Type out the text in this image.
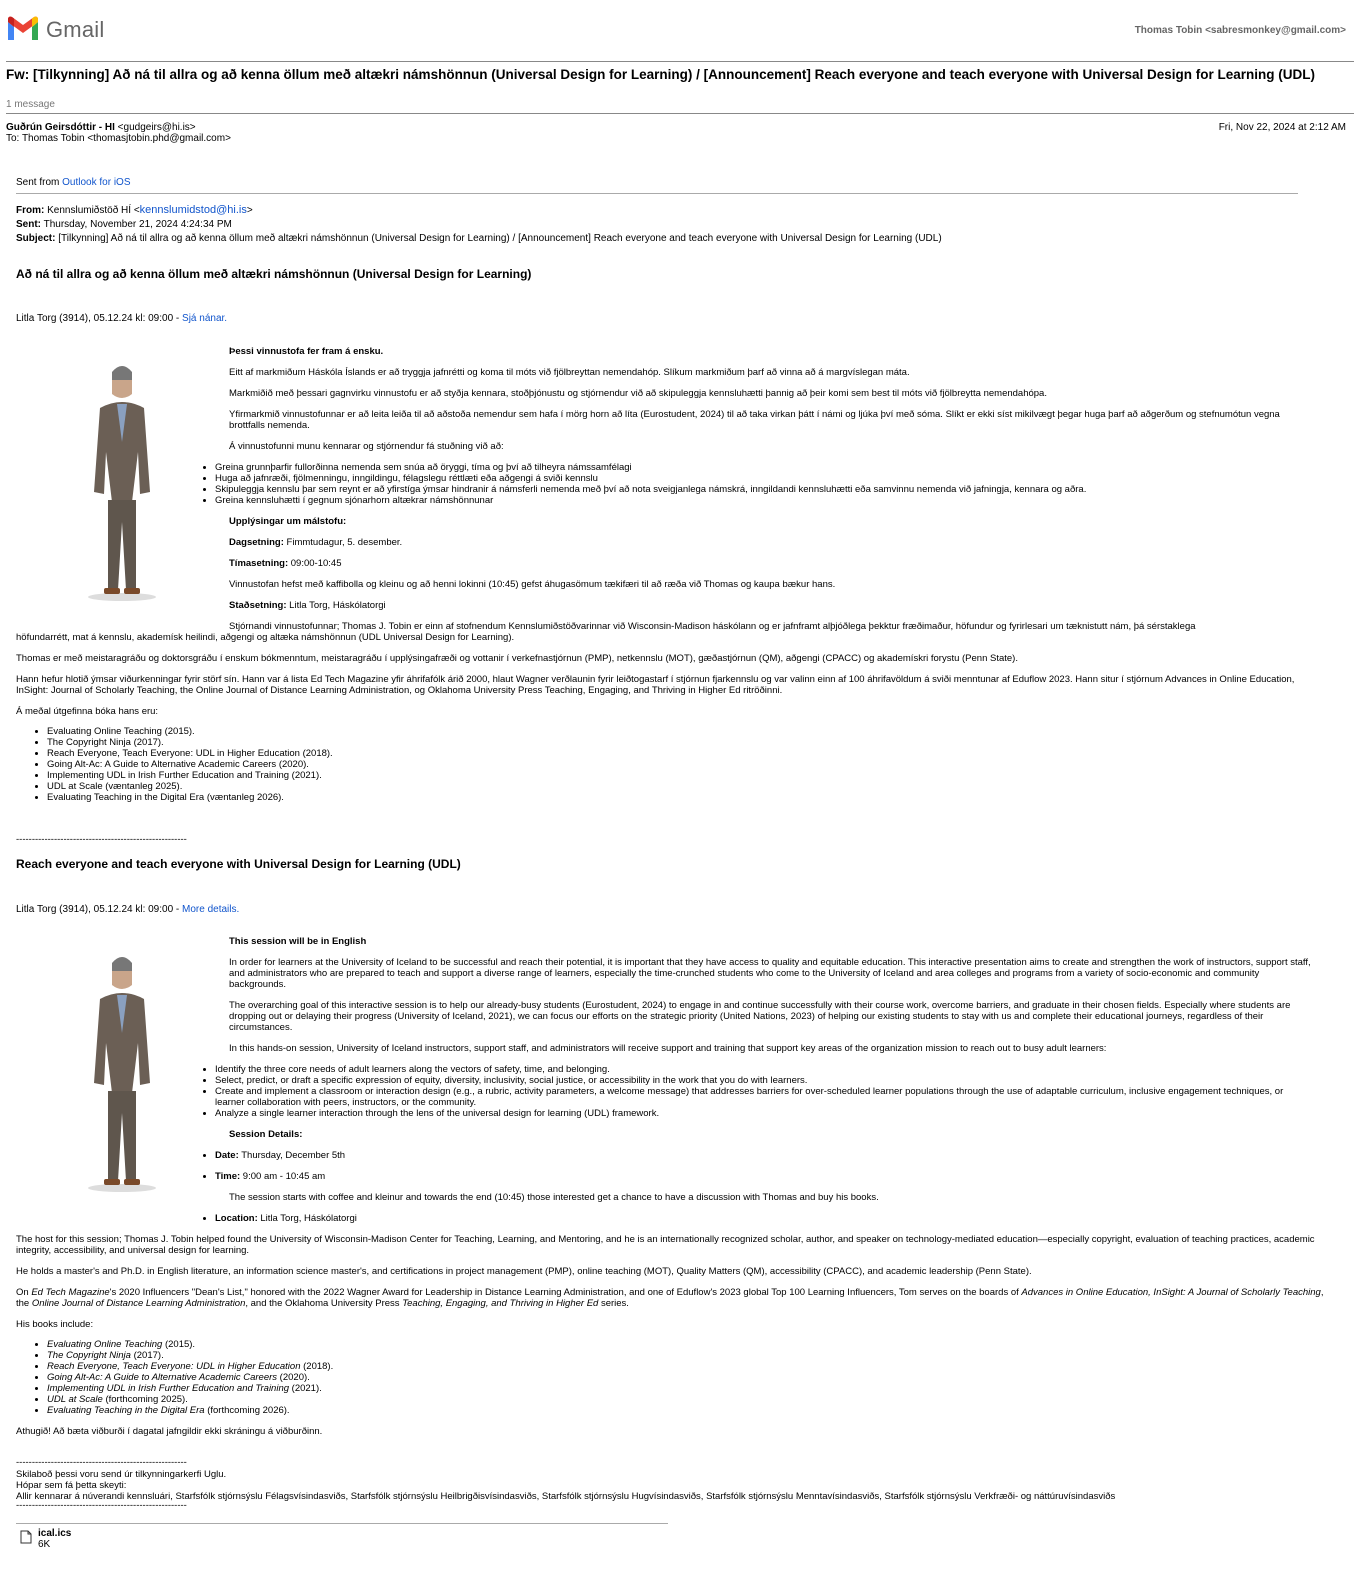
Gmail	Thomas Tobin <sabresmonkey@gmail.com>
Fw: [Tilkynning] Að ná til allra og að kenna öllum með altækri námshönnun (Universal Design for Learning) / [Announcement] Reach everyone and teach everyone with Universal Design for Learning (UDL)
1 message
Guðrún Geirsdóttir - HI <gudgeirs@hi.is>
To: Thomas Tobin <thomasjtobin.phd@gmail.com>
Fri, Nov 22, 2024 at 2:12 AM
Sent from Outlook for iOS
From: Kennslumiðstöð HÍ <kennslumidstod@hi.is>
Sent: Thursday, November 21, 2024 4:24:34 PM
Subject: [Tilkynning] Að ná til allra og að kenna öllum með altækri námshönnun (Universal Design for Learning) / [Announcement] Reach everyone and teach everyone with Universal Design for Learning (UDL)
Að ná til allra og að kenna öllum með altækri námshönnun (Universal Design for Learning)
Litla Torg (3914), 05.12.24 kl: 09:00 - Sjá nánar.

Þessi vinnustofa fer fram á ensku.

Eitt af markmiðum Háskóla Íslands er að tryggja jafnrétti og koma til móts við fjölbreyttan nemendahóp. Slíkum markmiðum þarf að vinna að á margvíslegan máta.

Markmiðið með þessari gagnvirku vinnustofu er að styðja kennara, stoðþjónustu og stjórnendur við að skipuleggja kennsluhætti þannig að þeir komi sem best til móts við fjölbreytta nemendahópa.

Yfirmarkmið vinnustofunnar er að leita leiða til að aðstoða nemendur sem hafa í mörg horn að líta (Eurostudent, 2024) til að taka virkan þátt í námi og ljúka því með sóma. Slíkt er ekki síst mikilvægt þegar huga þarf að aðgerðum og stefnumótun vegna brottfalls nemenda.

Á vinnustofunni munu kennarar og stjórnendur fá stuðning við að:

• Greina grunnþarfir fullorðinna nemenda sem snúa að öryggi, tíma og því að tilheyra námssamfélagi
• Huga að jafnræði, fjölmenningu, inngildingu, félagslegu réttlæti eða aðgengi á sviði kennslu
• Skipuleggja kennslu þar sem reynt er að yfirstíga ýmsar hindranir á námsferli nemenda með því að nota sveigjanlega námskrá, inngildandi kennsluhætti eða samvinnu nemenda við jafningja, kennara og aðra.
• Greina kennsluhætti í gegnum sjónarhorn altækrar námshönnunar

Upplýsingar um málstofu:

Dagsetning: Fimmtudagur, 5. desember.

Tímasetning: 09:00-10:45

Vinnustofan hefst með kaffibolla og kleinu og að henni lokinni (10:45) gefst áhugasömum tækifæri til að ræða við Thomas og kaupa bækur hans.

Staðsetning: Litla Torg, Háskólatorgi

Stjórnandi vinnustofunnar; Thomas J. Tobin er einn af stofnendum Kennslumiðstöðvarinnar við Wisconsin-Madison háskólann og er jafnframt alþjóðlega þekktur fræðimaður, höfundur og fyrirlesari um tæknistutt nám, þá sérstaklega

höfundarrétt, mat á kennslu, akademísk heilindi, aðgengi og altæka námshönnun (UDL Universal Design for Learning).

Thomas er með meistaragráðu og doktorsgráðu í enskum bókmenntum, meistaragráðu í upplýsingafræði og vottanir í verkefnastjórnun (PMP), netkennslu (MOT), gæðastjórnun (QM), aðgengi (CPACC) og akademískri forystu (Penn State).

Hann hefur hlotið ýmsar viðurkenningar fyrir störf sín. Hann var á lista Ed Tech Magazine yfir áhrifafólk árið 2000, hlaut Wagner verðlaunin fyrir leiðtogastarf í stjórnun fjarkennslu og var valinn einn af 100 áhrifavöldum á sviði menntunar af Eduflow 2023. Hann situr í stjórnum Advances in Online Education, InSight: Journal of Scholarly Teaching, the Online Journal of Distance Learning Administration, og Oklahoma University Press Teaching, Engaging, and Thriving in Higher Ed ritröðinni.

Á meðal útgefinna bóka hans eru:

• Evaluating Online Teaching (2015).
• The Copyright Ninja (2017).
• Reach Everyone, Teach Everyone: UDL in Higher Education (2018).
• Going Alt-Ac: A Guide to Alternative Academic Careers (2020).
• Implementing UDL in Irish Further Education and Training (2021).
• UDL at Scale (væntanleg 2025).
• Evaluating Teaching in the Digital Era (væntanleg 2026).
------------------------------------------------------
Reach everyone and teach everyone with Universal Design for Learning (UDL)
Litla Torg (3914), 05.12.24 kl: 09:00 - More details.

This session will be in English

In order for learners at the University of Iceland to be successful and reach their potential, it is important that they have access to quality and equitable education. This interactive presentation aims to create and strengthen the work of instructors, support staff, and administrators who are prepared to teach and support a diverse range of learners, especially the time-crunched students who come to the University of Iceland and area colleges and programs from a variety of socio-economic and community backgrounds.

The overarching goal of this interactive session is to help our already-busy students (Eurostudent, 2024) to engage in and continue successfully with their course work, overcome barriers, and graduate in their chosen fields. Especially where students are dropping out or delaying their progress (University of Iceland, 2021), we can focus our efforts on the strategic priority (United Nations, 2023) of helping our existing students to stay with us and complete their educational journeys, regardless of their circumstances.

In this hands-on session, University of Iceland instructors, support staff, and administrators will receive support and training that support key areas of the organization mission to reach out to busy adult learners:

• Identify the three core needs of adult learners along the vectors of safety, time, and belonging.
• Select, predict, or draft a specific expression of equity, diversity, inclusivity, social justice, or accessibility in the work that you do with learners.
• Create and implement a classroom or interaction design (e.g., a rubric, activity parameters, a welcome message) that addresses barriers for over-scheduled learner populations through the use of adaptable curriculum, inclusive engagement techniques, or learner collaboration with peers, instructors, or the community.
• Analyze a single learner interaction through the lens of the universal design for learning (UDL) framework.

Session Details:

• Date: Thursday, December 5th
• Time: 9:00 am - 10:45 am

The session starts with coffee and kleinur and towards the end (10:45) those interested get a chance to have a discussion with Thomas and buy his books.

• Location: Litla Torg, Háskólatorgi

The host for this session; Thomas J. Tobin helped found the University of Wisconsin-Madison Center for Teaching, Learning, and Mentoring, and he is an internationally recognized scholar, author, and speaker on technology-mediated education—especially copyright, evaluation of teaching practices, academic integrity, accessibility, and universal design for learning.

He holds a master's and Ph.D. in English literature, an information science master's, and certifications in project management (PMP), online teaching (MOT), Quality Matters (QM), accessibility (CPACC), and academic leadership (Penn State).

On Ed Tech Magazine's 2020 Influencers "Dean's List," honored with the 2022 Wagner Award for Leadership in Distance Learning Administration, and one of Eduflow's 2023 global Top 100 Learning Influencers, Tom serves on the boards of Advances in Online Education, InSight: A Journal of Scholarly Teaching, the Online Journal of Distance Learning Administration, and the Oklahoma University Press Teaching, Engaging, and Thriving in Higher Ed series.

His books include:

• Evaluating Online Teaching (2015).
• The Copyright Ninja (2017).
• Reach Everyone, Teach Everyone: UDL in Higher Education (2018).
• Going Alt-Ac: A Guide to Alternative Academic Careers (2020).
• Implementing UDL in Irish Further Education and Training (2021).
• UDL at Scale (forthcoming 2025).
• Evaluating Teaching in the Digital Era (forthcoming 2026).
Athugið! Að bæta viðburði í dagatal jafngildir ekki skráningu á viðburðinn.
------------------------------------------------------
Skilaboð þessi voru send úr tilkynningarkerfi Uglu.
Hópar sem fá þetta skeyti:
Allir kennarar á núverandi kennsluári, Starfsfólk stjórnsýslu Félagsvísindasviðs, Starfsfólk stjórnsýslu Heilbrigðisvísindasviðs, Starfsfólk stjórnsýslu Hugvísindasviðs, Starfsfólk stjórnsýslu Menntavísindasviðs, Starfsfólk stjórnsýslu Verkfræði- og náttúruvísindasviðs
------------------------------------------------------
ical.ics
6K
